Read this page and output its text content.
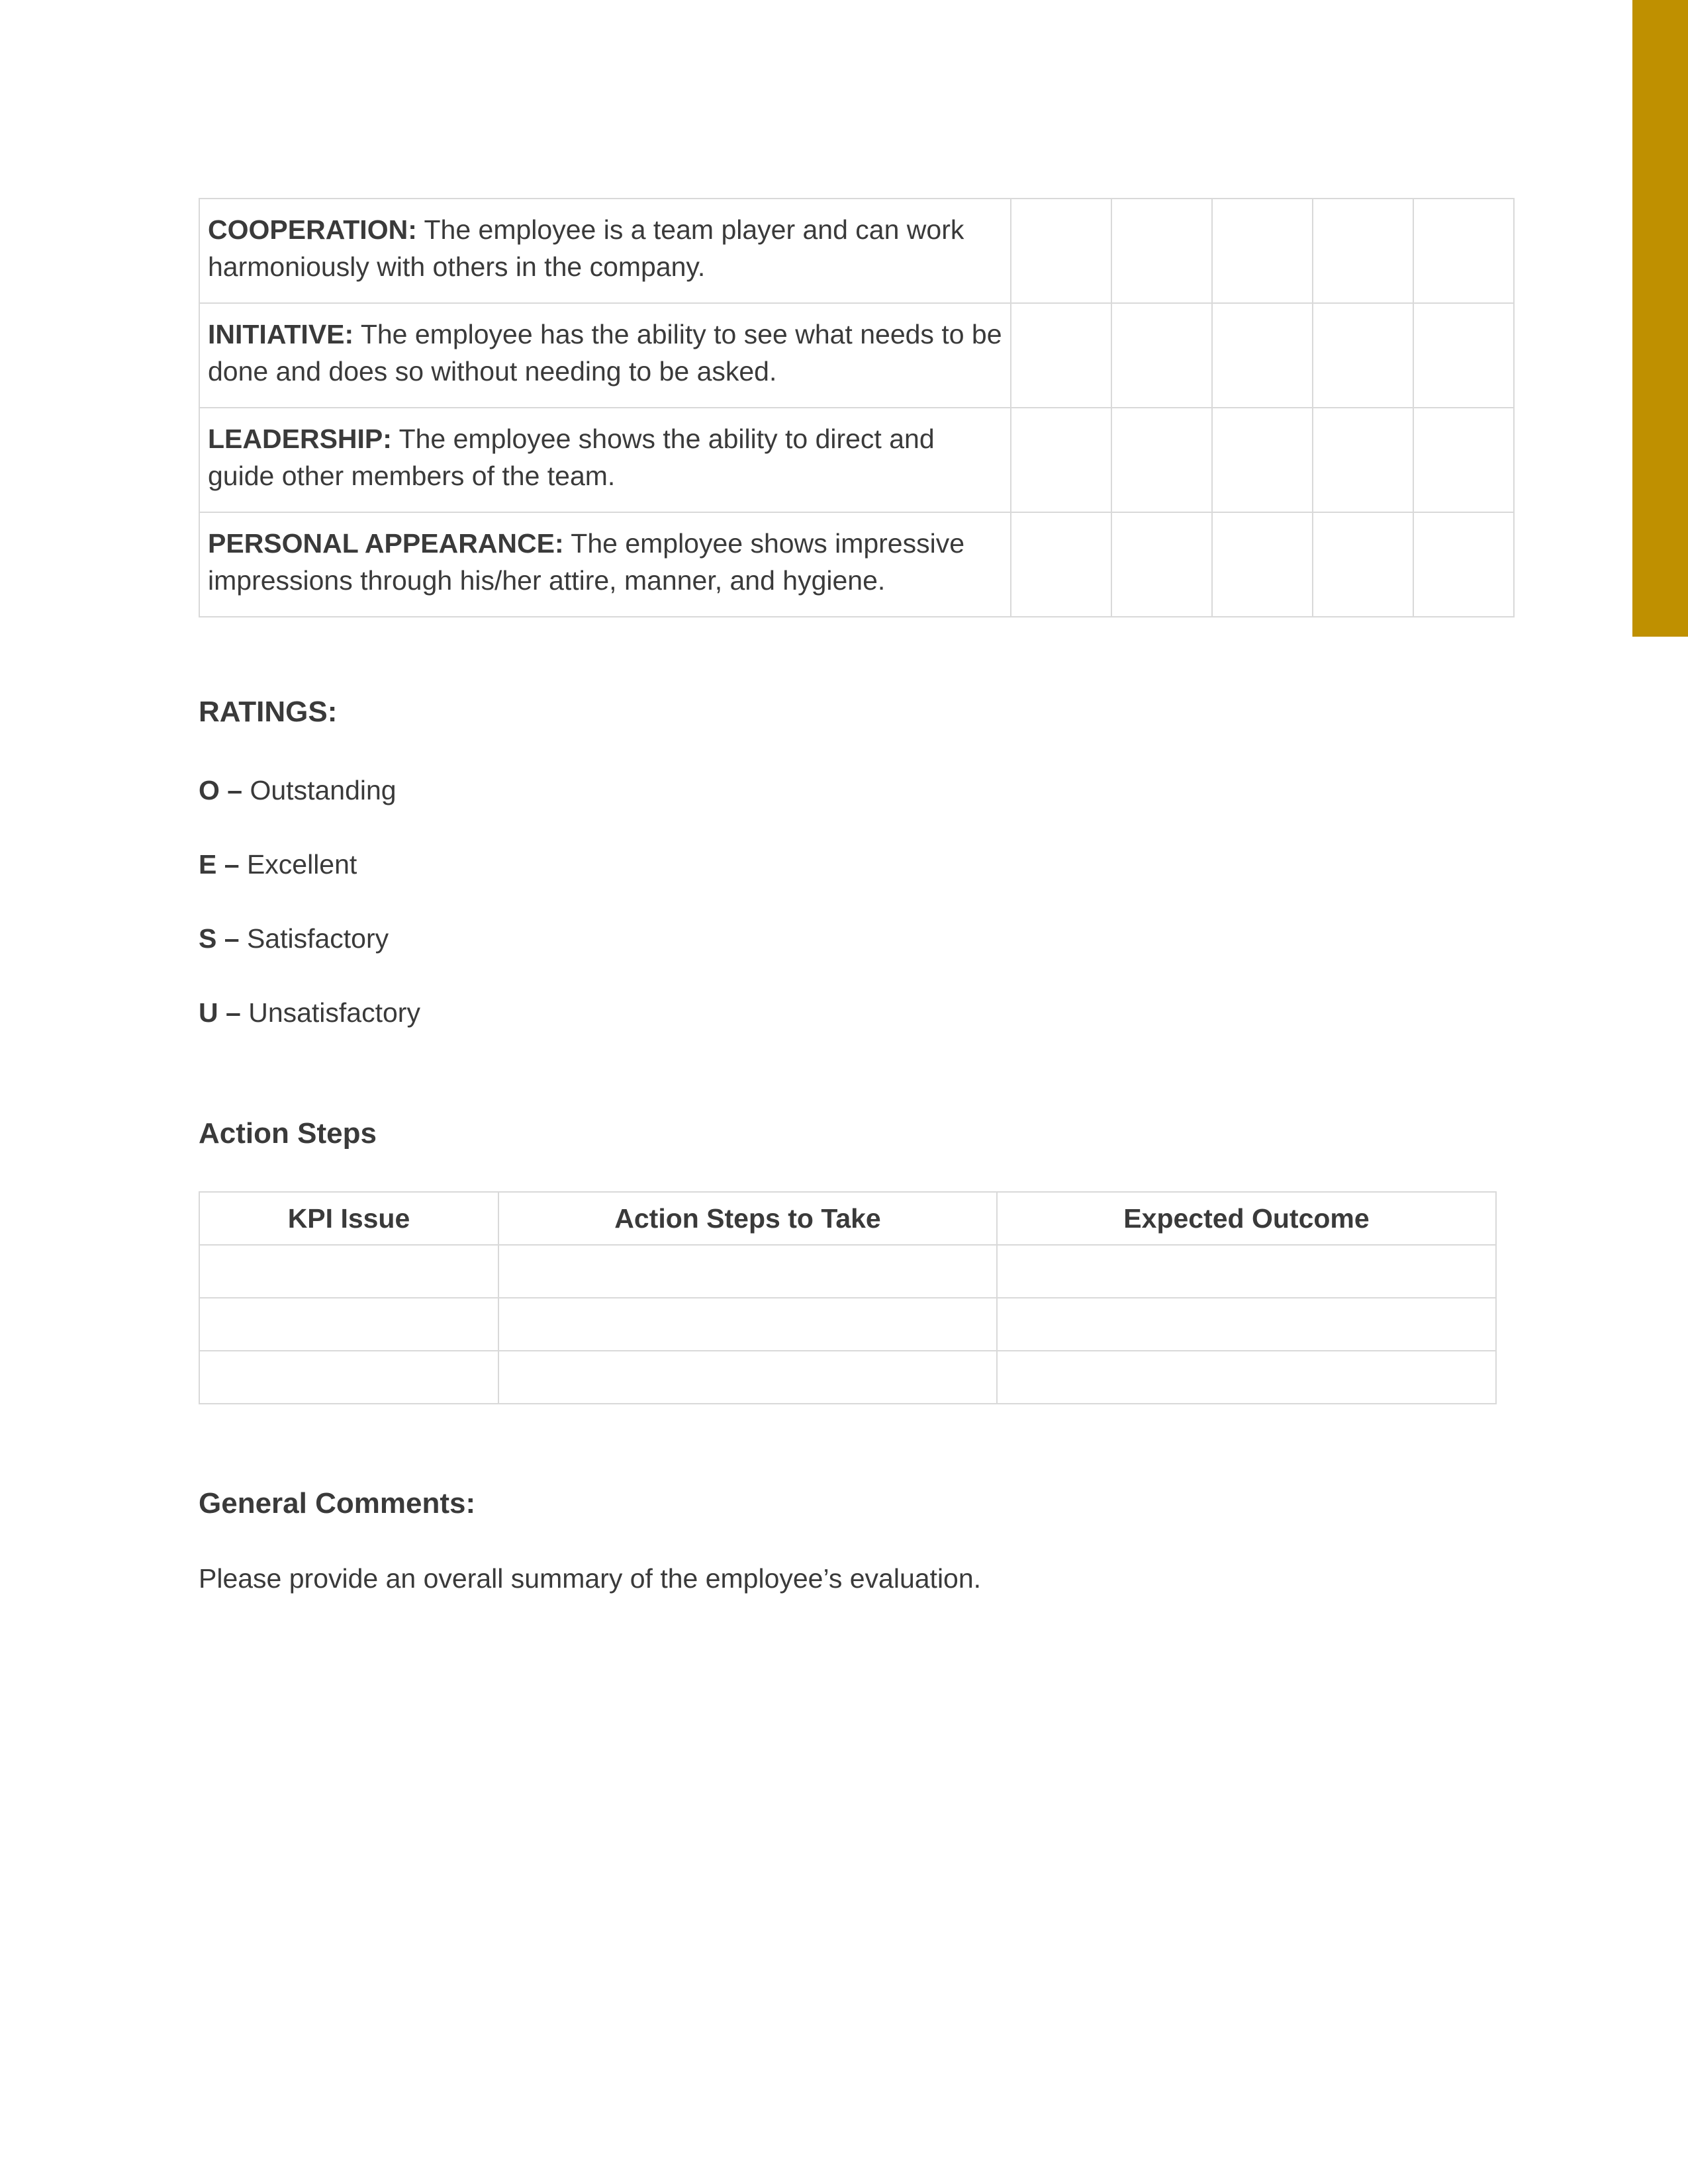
COOPERATION: The employee is a team player and can work harmoniously with others in the company.					
INITIATIVE: The employee has the ability to see what needs to be done and does so without needing to be asked.					
LEADERSHIP: The employee shows the ability to direct and guide other members of the team.					
PERSONAL APPEARANCE: The employee shows impressive impressions through his/her attire, manner, and hygiene.					
RATINGS:
O – Outstanding
E – Excellent
S – Satisfactory
U – Unsatisfactory
Action Steps
KPI Issue	Action Steps to Take	Expected Outcome

General Comments:
Please provide an overall summary of the employee’s evaluation.
